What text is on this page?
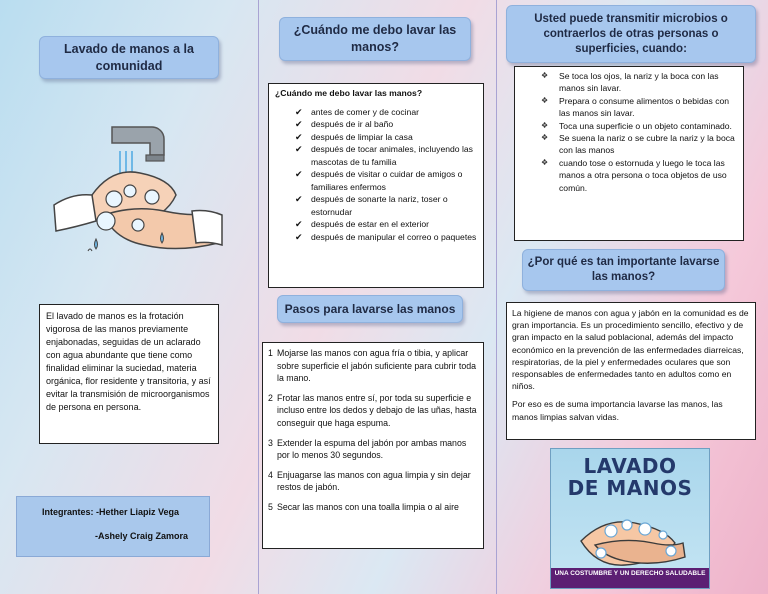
Lavado de manos a la comunidad

El lavado de manos es la frotación vigorosa de las manos previamente enjabonadas, seguidas de un aclarado con agua abundante que tiene como finalidad eliminar la suciedad, materia orgánica, flor residente y transitoria, y así evitar la transmisión de microorganismos de persona en persona.

Integrantes: -Hether Liapiz Vega
-Ashely Craig Zamora
¿Cuándo me debo lavar las manos?
¿Cuándo me debo lavar las manos?
✔ antes de comer y de cocinar
✔ después de ir al baño
✔ después de limpiar la casa
✔ después de tocar animales, incluyendo las mascotas de tu familia
✔ después de visitar o cuidar de amigos o familiares enfermos
✔ después de sonarte la nariz, toser o estornudar
✔ después de estar en el exterior
✔ después de manipular el correo o paquetes
Pasos para lavarse las manos
1 Mojarse las manos con agua fría o tibia, y aplicar sobre superficie el jabón suficiente para cubrir toda la mano.
2 Frotar las manos entre sí, por toda su superficie e incluso entre los dedos y debajo de las uñas, hasta conseguir que haga espuma.
3 Extender la espuma del jabón por ambas manos por lo menos 30 segundos.
4 Enjuagarse las manos con agua limpia y sin dejar restos de jabón.
5 Secar las manos con una toalla limpia o al aire
Usted puede transmitir microbios o contraerlos de otras personas o superficies, cuando:
❖ Se toca los ojos, la nariz y la boca con las manos sin lavar.
❖ Prepara o consume alimentos o bebidas con las manos sin lavar.
❖ Toca una superficie o un objeto contaminado.
❖ Se suena la nariz o se cubre la nariz y la boca con las manos
❖ cuando tose o estornuda y luego le toca las manos a otra persona o toca objetos de uso común.
¿Por qué es tan importante lavarse las manos?

La higiene de manos con agua y jabón en la comunidad es de gran importancia. Es un procedimiento sencillo, efectivo y de gran impacto en la salud poblacional, además del impacto económico en la prevención de las enfermedades diarreicas, respiratorias, de la piel y enfermedades oculares que son responsables de enfermedades tanto en adultos como en niños.

Por eso es de suma importancia lavarse las manos, las manos limpias salvan vidas.

LAVADO
DE MANOS
UNA COSTUMBRE Y UN DERECHO SALUDABLE
